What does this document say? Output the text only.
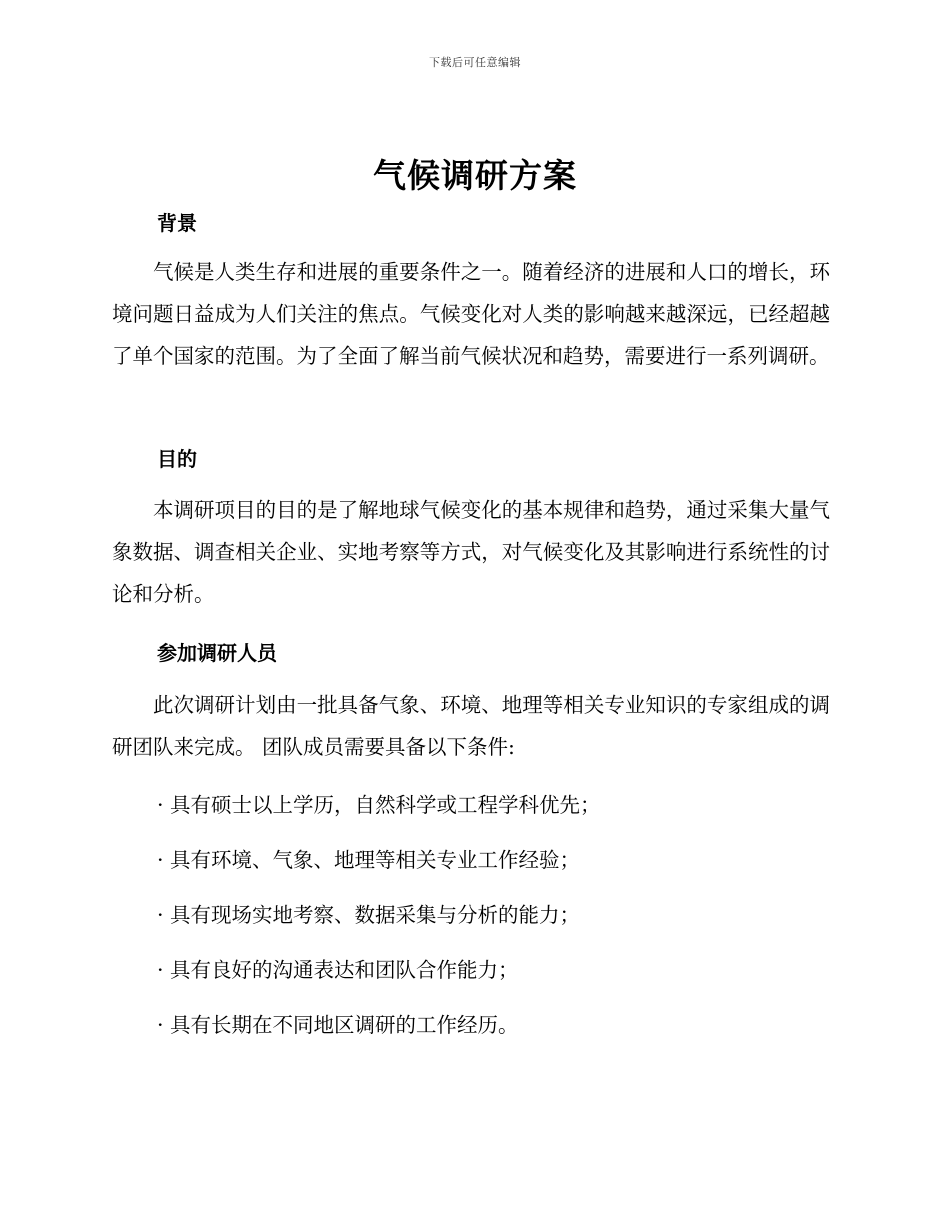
下载后可任意编辑
气候调研方案
背景

气候是人类生存和进展的重要条件之一。随着经济的进展和人口的增长，环境问题日益成为人们关注的焦点。气候变化对人类的影响越来越深远，已经超越了单个国家的范围。为了全面了解当前气候状况和趋势，需要进行一系列调研。

目的

本调研项目的目的是了解地球气候变化的基本规律和趋势，通过采集大量气象数据、调查相关企业、实地考察等方式，对气候变化及其影响进行系统性的讨论和分析。

参加调研人员

此次调研计划由一批具备气象、环境、地理等相关专业知识的专家组成的调研团队来完成。 团队成员需要具备以下条件:

· 具有硕士以上学历，自然科学或工程学科优先；

· 具有环境、气象、地理等相关专业工作经验；

· 具有现场实地考察、数据采集与分析的能力；

· 具有良好的沟通表达和团队合作能力；

· 具有长期在不同地区调研的工作经历。
